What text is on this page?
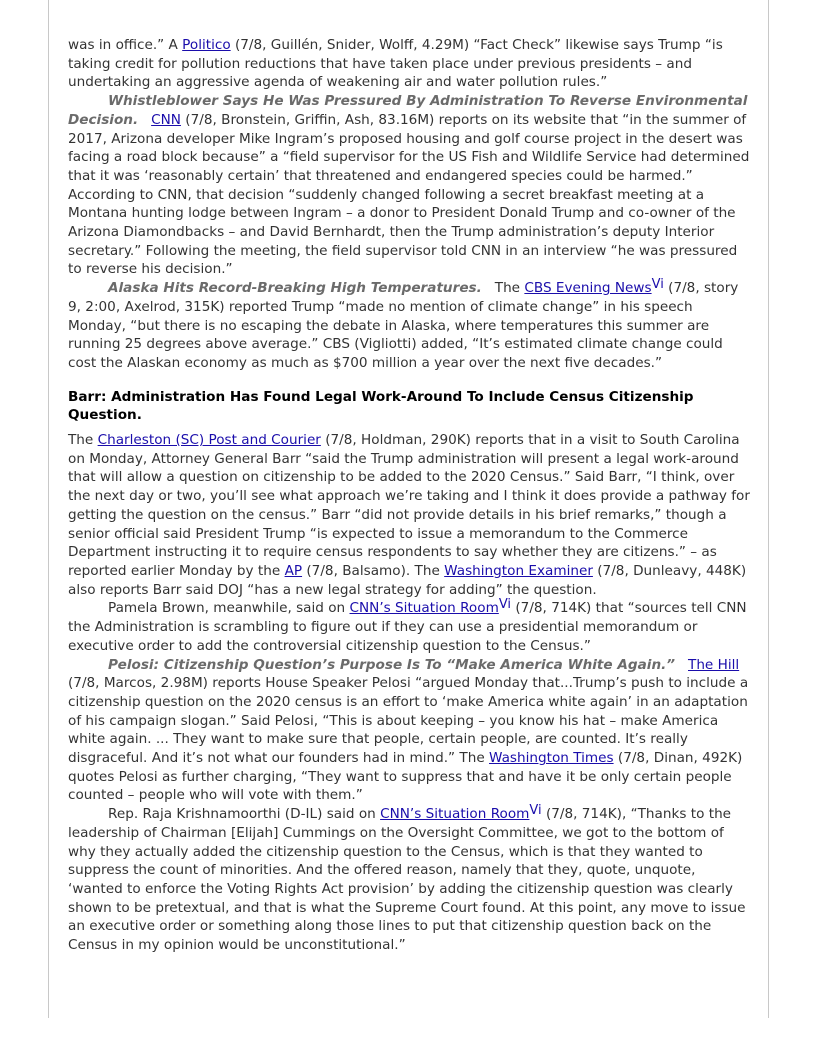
was in office.” A Politico (7/8, Guillén, Snider, Wolff, 4.29M) “Fact Check” likewise says Trump “is taking credit for pollution reductions that have taken place under previous presidents – and undertaking an aggressive agenda of weakening air and water pollution rules.”

Whistleblower Says He Was Pressured By Administration To Reverse Environmental Decision. CNN (7/8, Bronstein, Griffin, Ash, 83.16M) reports on its website that “in the summer of 2017, Arizona developer Mike Ingram’s proposed housing and golf course project in the desert was facing a road block because” a “field supervisor for the US Fish and Wildlife Service had determined that it was ‘reasonably certain’ that threatened and endangered species could be harmed.” According to CNN, that decision “suddenly changed following a secret breakfast meeting at a Montana hunting lodge between Ingram – a donor to President Donald Trump and co-owner of the Arizona Diamondbacks – and David Bernhardt, then the Trump administration’s deputy Interior secretary.” Following the meeting, the field supervisor told CNN in an interview “he was pressured to reverse his decision.”

Alaska Hits Record-Breaking High Temperatures. The CBS Evening NewsVi (7/8, story 9, 2:00, Axelrod, 315K) reported Trump “made no mention of climate change” in his speech Monday, “but there is no escaping the debate in Alaska, where temperatures this summer are running 25 degrees above average.” CBS (Vigliotti) added, “It’s estimated climate change could cost the Alaskan economy as much as $700 million a year over the next five decades.”

Barr: Administration Has Found Legal Work-Around To Include Census Citizenship Question.

The Charleston (SC) Post and Courier (7/8, Holdman, 290K) reports that in a visit to South Carolina on Monday, Attorney General Barr “said the Trump administration will present a legal work-around that will allow a question on citizenship to be added to the 2020 Census.” Said Barr, “I think, over the next day or two, you’ll see what approach we’re taking and I think it does provide a pathway for getting the question on the census.” Barr “did not provide details in his brief remarks,” though a senior official said President Trump “is expected to issue a memorandum to the Commerce Department instructing it to require census respondents to say whether they are citizens.” – as reported earlier Monday by the AP (7/8, Balsamo). The Washington Examiner (7/8, Dunleavy, 448K) also reports Barr said DOJ “has a new legal strategy for adding” the question.

Pamela Brown, meanwhile, said on CNN’s Situation RoomVi (7/8, 714K) that “sources tell CNN the Administration is scrambling to figure out if they can use a presidential memorandum or executive order to add the controversial citizenship question to the Census.”

Pelosi: Citizenship Question’s Purpose Is To “Make America White Again.” The Hill (7/8, Marcos, 2.98M) reports House Speaker Pelosi “argued Monday that...Trump’s push to include a citizenship question on the 2020 census is an effort to ‘make America white again’ in an adaptation of his campaign slogan.” Said Pelosi, “This is about keeping – you know his hat – make America white again. ... They want to make sure that people, certain people, are counted. It’s really disgraceful. And it’s not what our founders had in mind.” The Washington Times (7/8, Dinan, 492K) quotes Pelosi as further charging, “They want to suppress that and have it be only certain people counted – people who will vote with them.”

Rep. Raja Krishnamoorthi (D-IL) said on CNN’s Situation RoomVi (7/8, 714K), “Thanks to the leadership of Chairman [Elijah] Cummings on the Oversight Committee, we got to the bottom of why they actually added the citizenship question to the Census, which is that they wanted to suppress the count of minorities. And the offered reason, namely that they, quote, unquote, ‘wanted to enforce the Voting Rights Act provision’ by adding the citizenship question was clearly shown to be pretextual, and that is what the Supreme Court found. At this point, any move to issue an executive order or something along those lines to put that citizenship question back on the Census in my opinion would be unconstitutional.”
